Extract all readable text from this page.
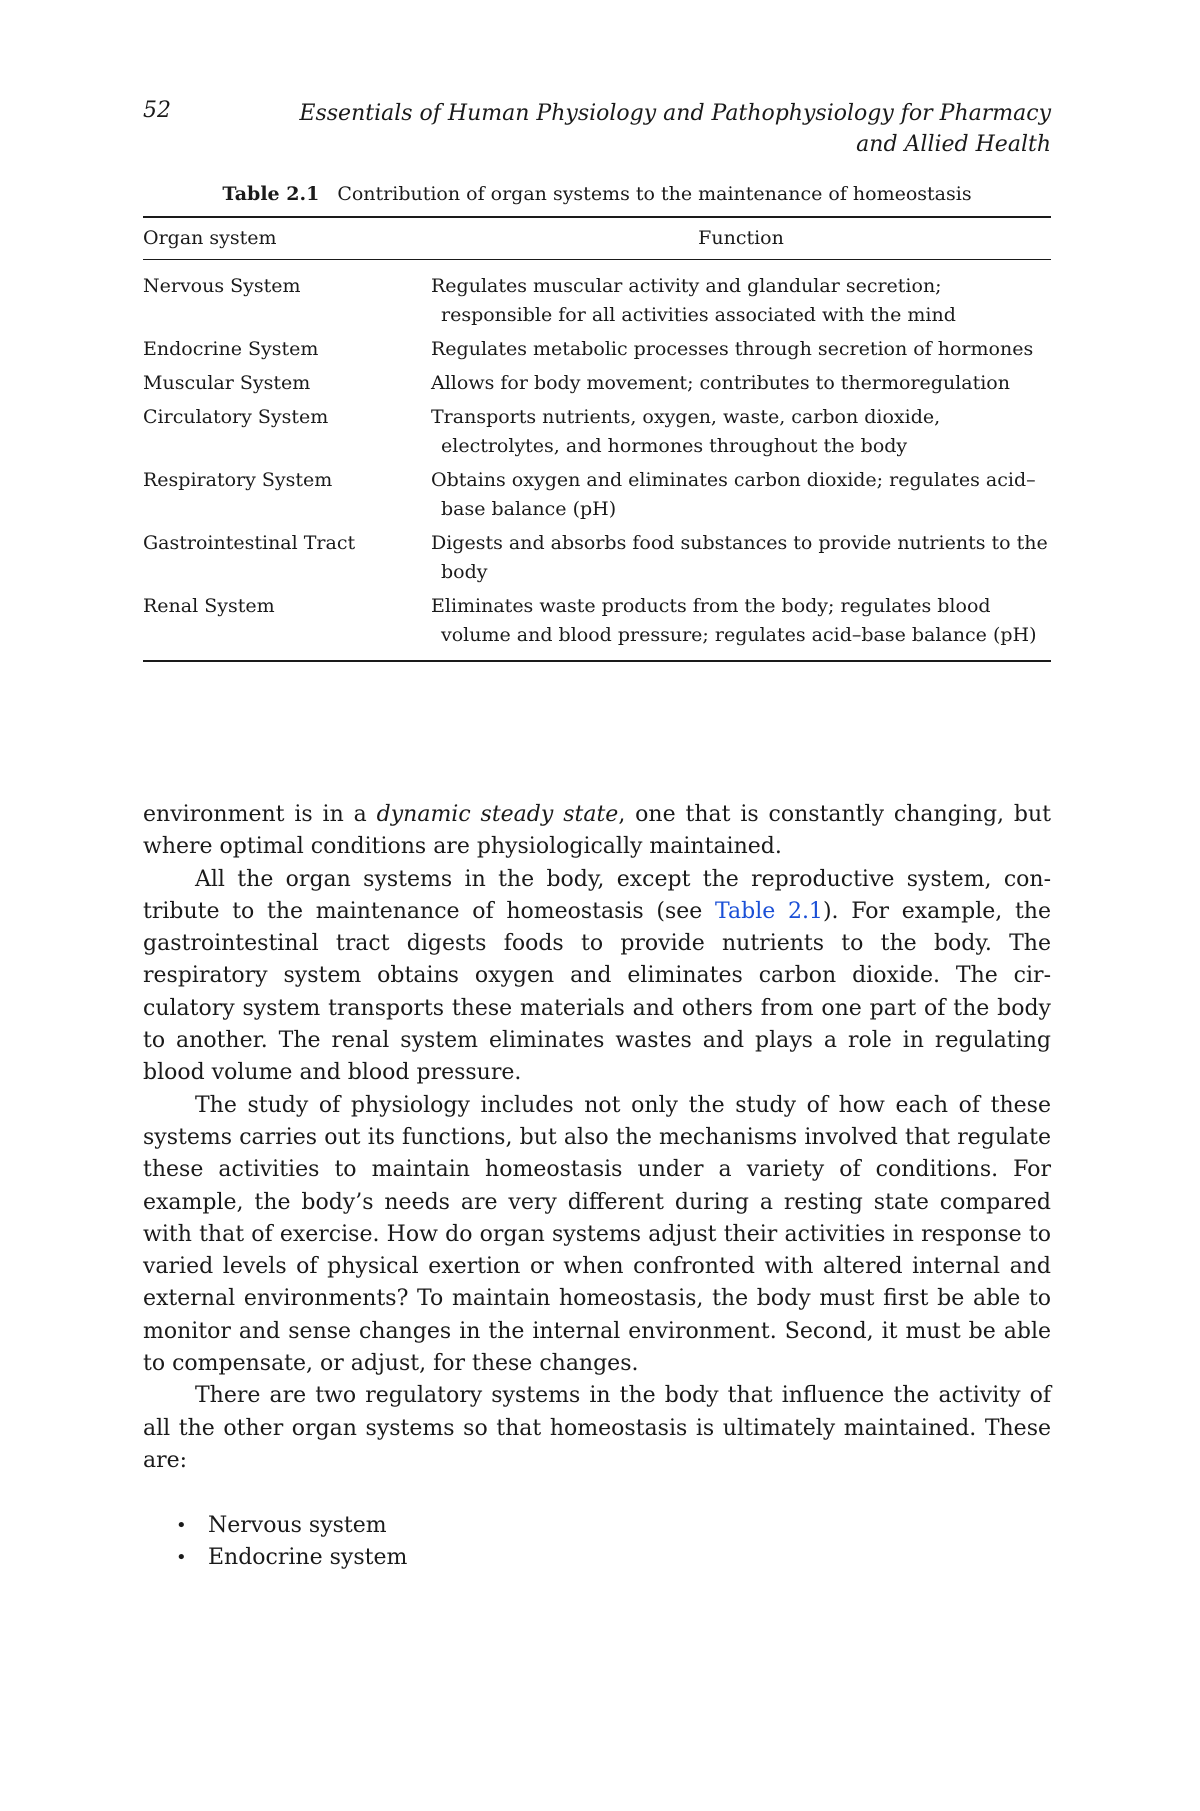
52	Essentials of Human Physiology and Pathophysiology for Pharmacy
and Allied Health
Table 2.1 Contribution of organ systems to the maintenance of homeostasis
Organ system	Function
Nervous System	Regulates muscular activity and glandular secretion; responsible for all activities associated with the mind
Endocrine System	Regulates metabolic processes through secretion of hormones
Muscular System	Allows for body movement; contributes to thermoregulation
Circulatory System	Transports nutrients, oxygen, waste, carbon dioxide, electrolytes, and hormones throughout the body
Respiratory System	Obtains oxygen and eliminates carbon dioxide; regulates acid–base balance (pH)
Gastrointestinal Tract	Digests and absorbs food substances to provide nutrients to the body
Renal System	Eliminates waste products from the body; regulates blood volume and blood pressure; regulates acid–base balance (pH)

environment is in a dynamic steady state, one that is constantly changing, but where optimal conditions are physiologically maintained.

All the organ systems in the body, except the reproductive system, contribute to the maintenance of homeostasis (see Table 2.1). For example, the gastrointestinal tract digests foods to provide nutrients to the body. The respiratory system obtains oxygen and eliminates carbon dioxide. The circulatory system transports these materials and others from one part of the body to another. The renal system eliminates wastes and plays a role in regulating blood volume and blood pressure.

The study of physiology includes not only the study of how each of these systems carries out its functions, but also the mechanisms involved that regulate these activities to maintain homeostasis under a variety of conditions. For example, the body’s needs are very different during a resting state compared with that of exercise. How do organ systems adjust their activities in response to varied levels of physical exertion or when confronted with altered internal and external environments? To maintain homeostasis, the body must first be able to monitor and sense changes in the internal environment. Second, it must be able to compensate, or adjust, for these changes.

There are two regulatory systems in the body that influence the activity of all the other organ systems so that homeostasis is ultimately maintained. These are:

• Nervous system
• Endocrine system
